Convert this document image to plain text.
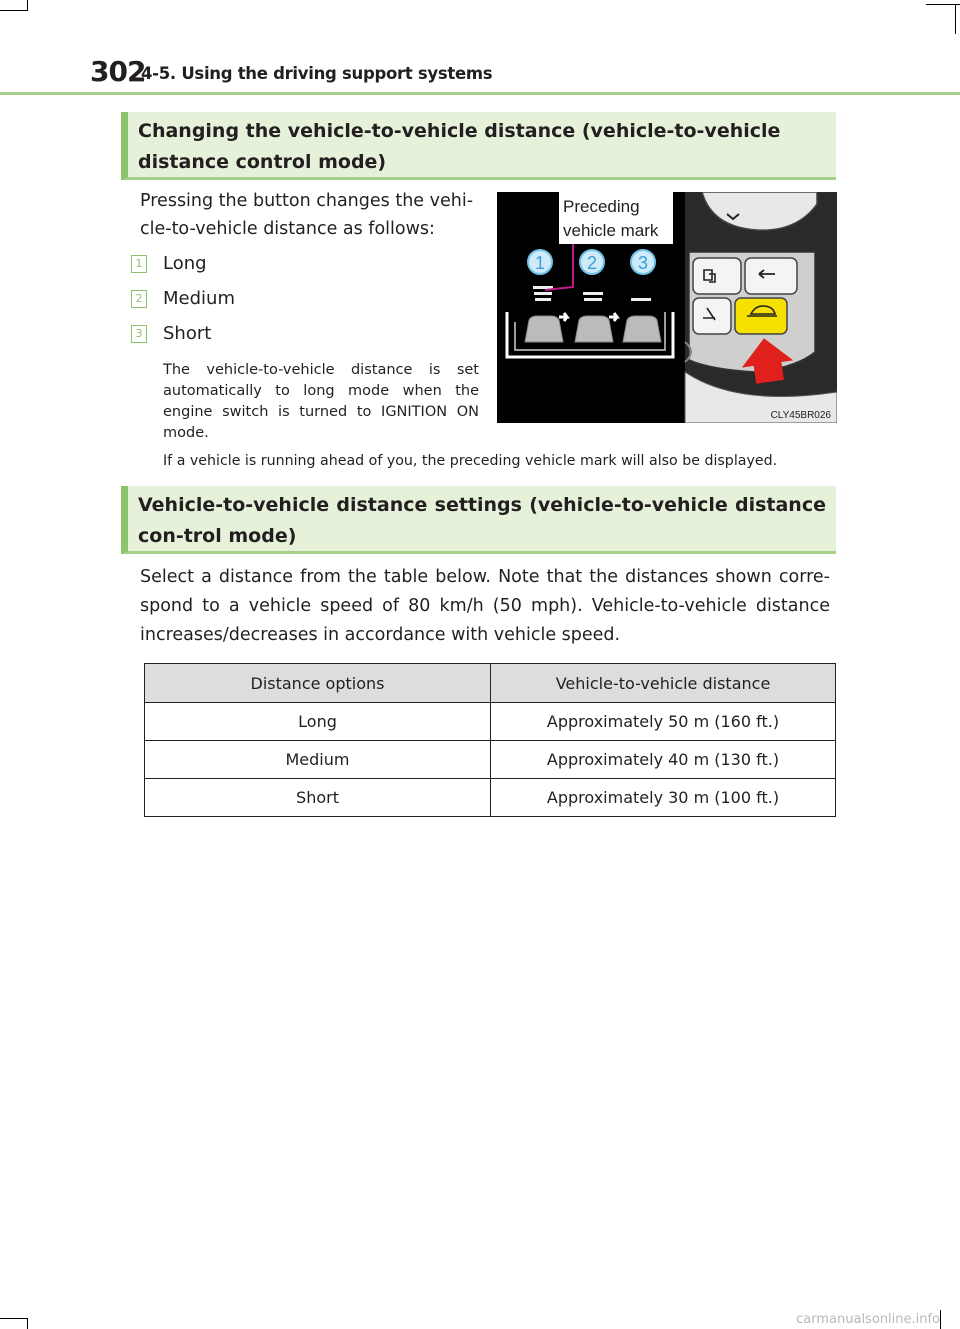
302
4-5. Using the driving support systems
Changing the vehicle-to-vehicle distance (vehicle-to-vehicle distance control mode)
Pressing the button changes the vehi-
cle-to-vehicle distance as follows:
1 Long
2 Medium
3 Short
The vehicle-to-vehicle distance is set automatically to long mode when the engine switch is turned to IGNITION ON mode.
If a vehicle is running ahead of you, the preceding vehicle mark will also be displayed.
1 2 3
Preceding
vehicle mark
CLY45BR026
Vehicle-to-vehicle distance settings (vehicle-to-vehicle distance con-trol mode)
Select a distance from the table below. Note that the distances shown corre-spond to a vehicle speed of 80 km/h (50 mph). Vehicle-to-vehicle distance increases/decreases in accordance with vehicle speed.
Distance options	Vehicle-to-vehicle distance
Long	Approximately 50 m (160 ft.)
Medium	Approximately 40 m (130 ft.)
Short	Approximately 30 m (100 ft.)
carmanualsonline.info
